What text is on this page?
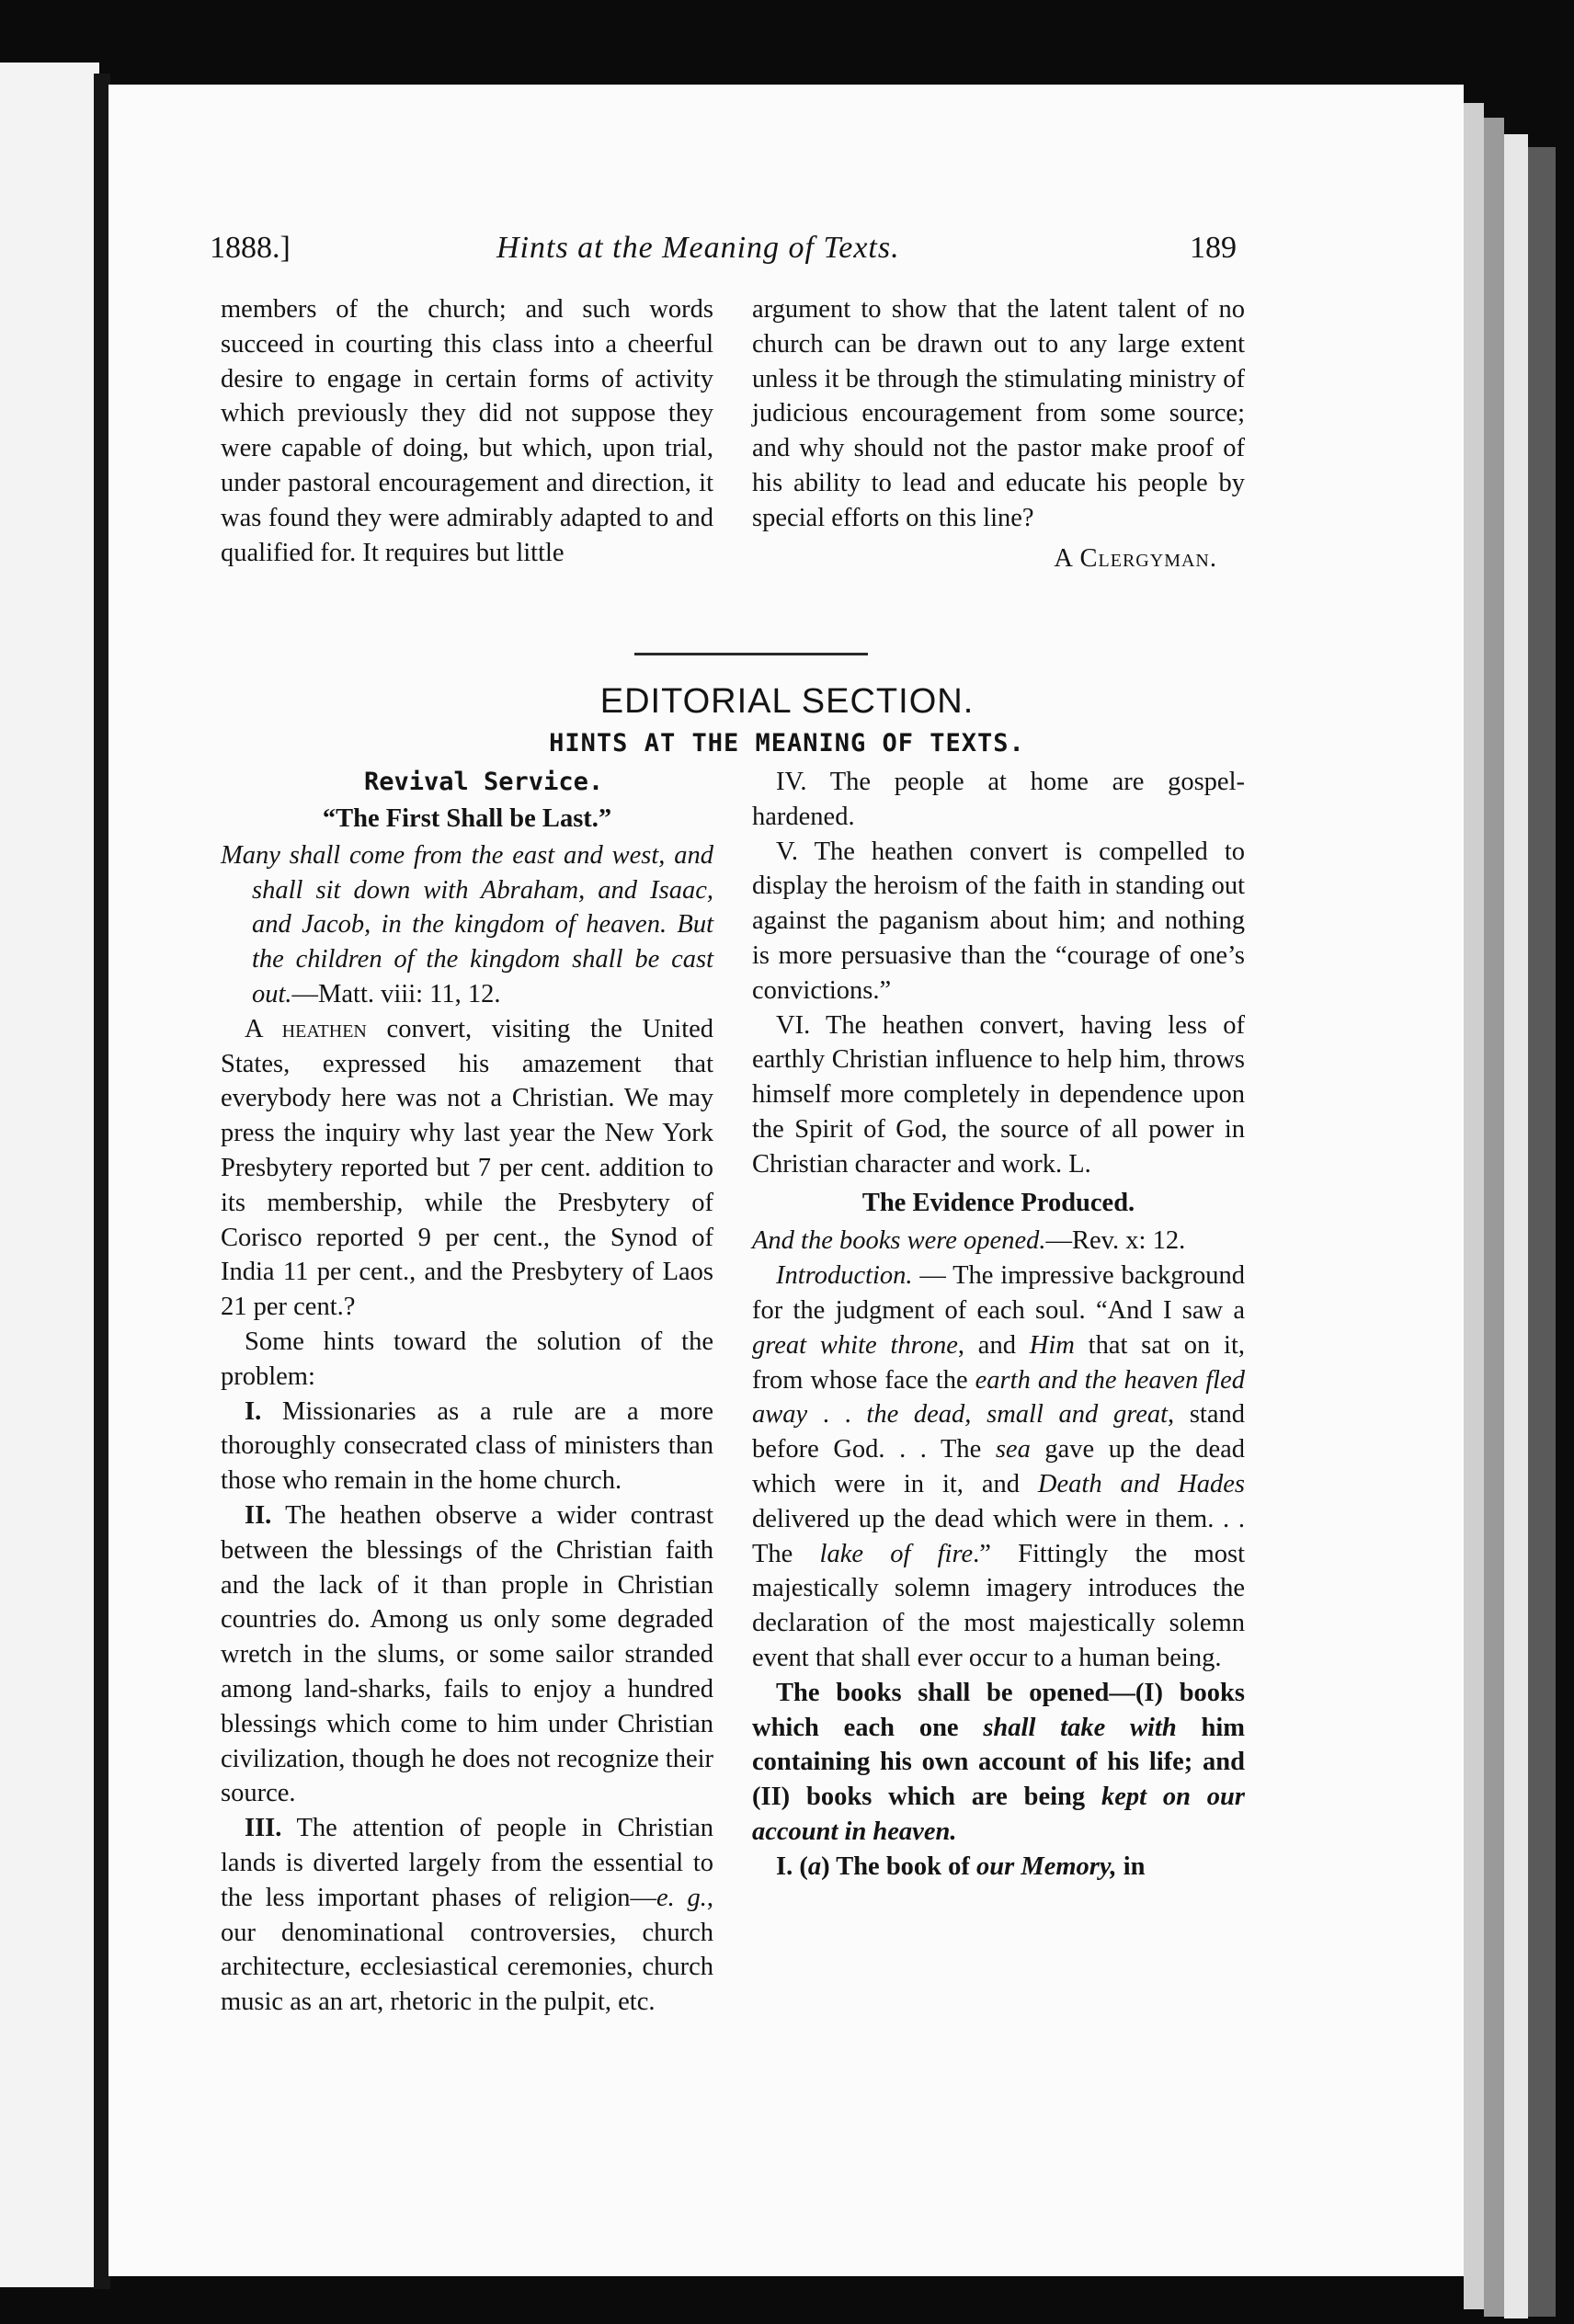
1888.]	Hints at the Meaning of Texts.	189

members of the church; and such words succeed in courting this class into a cheerful desire to engage in certain forms of activity which previously they did not suppose they were capable of doing, but which, upon trial, under pastoral encouragement and direction, it was found they were admirably adapted to and qualified for. It requires but little

argument to show that the latent talent of no church can be drawn out to any large extent unless it be through the stimulating ministry of judicious encouragement from some source; and why should not the pastor make proof of his ability to lead and educate his people by special efforts on this line?

A Clergyman.
EDITORIAL SECTION.
HINTS AT THE MEANING OF TEXTS.
Revival Service.
“The First Shall be Last.”

Many shall come from the east and west, and shall sit down with Abraham, and Isaac, and Jacob, in the kingdom of heaven. But the children of the kingdom shall be cast out.—Matt. viii: 11, 12.

A heathen convert, visiting the United States, expressed his amazement that everybody here was not a Christian. We may press the inquiry why last year the New York Presbytery reported but 7 per cent. addition to its membership, while the Presbytery of Corisco reported 9 per cent., the Synod of India 11 per cent., and the Presbytery of Laos 21 per cent.?

Some hints toward the solution of the problem:

I. Missionaries as a rule are a more thoroughly consecrated class of ministers than those who remain in the home church.

II. The heathen observe a wider contrast between the blessings of the Christian faith and the lack of it than prople in Christian countries do. Among us only some degraded wretch in the slums, or some sailor stranded among land-sharks, fails to enjoy a hundred blessings which come to him under Christian civilization, though he does not recognize their source.

III. The attention of people in Christian lands is diverted largely from the essential to the less important phases of religion—e. g., our denominational controversies, church architecture, ecclesiastical ceremonies, church music as an art, rhetoric in the pulpit, etc.

IV. The people at home are gospel-hardened.

V. The heathen convert is compelled to display the heroism of the faith in standing out against the paganism about him; and nothing is more persuasive than the “courage of one’s convictions.”

VI. The heathen convert, having less of earthly Christian influence to help him, throws himself more completely in dependence upon the Spirit of God, the source of all power in Christian character and work. L.

The Evidence Produced.

And the books were opened.—Rev. x: 12.

Introduction. — The impressive background for the judgment of each soul. “And I saw a great white throne, and Him that sat on it, from whose face the earth and the heaven fled away . . the dead, small and great, stand before God. . . The sea gave up the dead which were in it, and Death and Hades delivered up the dead which were in them. . . The lake of fire.” Fittingly the most majestically solemn imagery introduces the declaration of the most majestically solemn event that shall ever occur to a human being.

The books shall be opened—(I) books which each one shall take with him containing his own account of his life; and (II) books which are being kept on our account in heaven.

I. (a) The book of our Memory, in
